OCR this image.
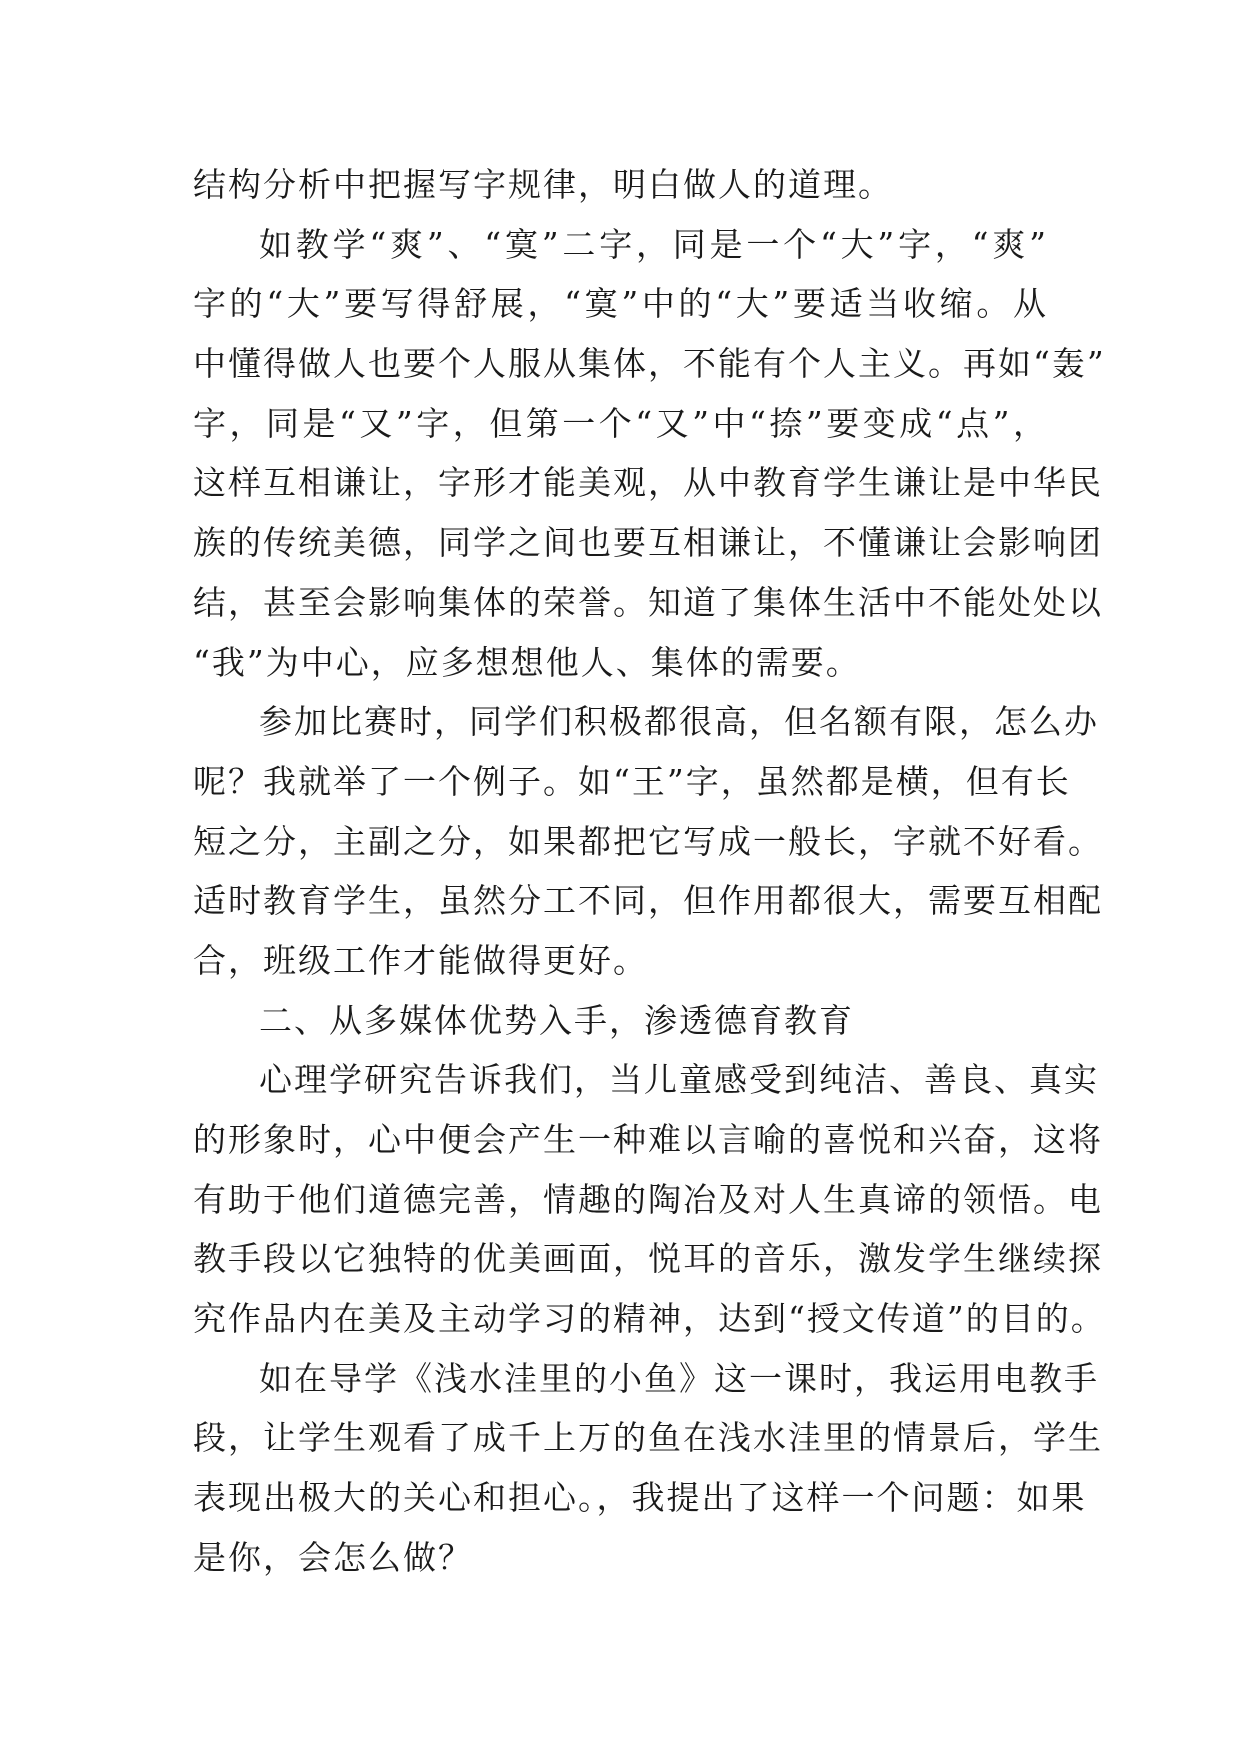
结构分析中把握写字规律，明白做人的道理。
如教学“爽”、“寞”二字，同是一个“大”字，“爽”
字的“大”要写得舒展，“寞”中的“大”要适当收缩。从
中懂得做人也要个人服从集体，不能有个人主义。再如“轰”
字，同是“又”字，但第一个“又”中“捺”要变成“点”，
这样互相谦让，字形才能美观，从中教育学生谦让是中华民
族的传统美德，同学之间也要互相谦让，不懂谦让会影响团
结，甚至会影响集体的荣誉。知道了集体生活中不能处处以
“我”为中心，应多想想他人、集体的需要。
参加比赛时，同学们积极都很高，但名额有限，怎么办
呢？我就举了一个例子。如“王”字，虽然都是横，但有长
短之分，主副之分，如果都把它写成一般长，字就不好看。
适时教育学生，虽然分工不同，但作用都很大，需要互相配
合，班级工作才能做得更好。
二、从多媒体优势入手，渗透德育教育
心理学研究告诉我们，当儿童感受到纯洁、善良、真实
的形象时，心中便会产生一种难以言喻的喜悦和兴奋，这将
有助于他们道德完善，情趣的陶冶及对人生真谛的领悟。电
教手段以它独特的优美画面，悦耳的音乐，激发学生继续探
究作品内在美及主动学习的精神，达到“授文传道”的目的。
如在导学《浅水洼里的小鱼》这一课时，我运用电教手
段，让学生观看了成千上万的鱼在浅水洼里的情景后，学生
表现出极大的关心和担心。，我提出了这样一个问题：如果
是你，会怎么做？
